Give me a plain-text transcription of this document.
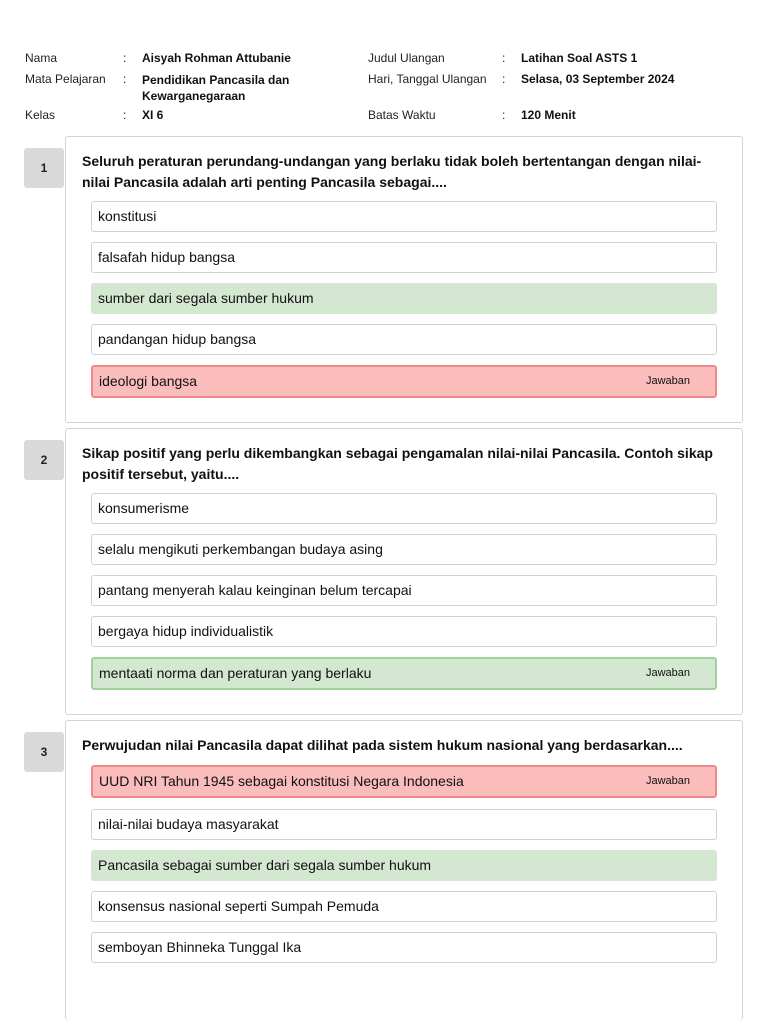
Nama	: Aisyah Rohman Attubanie
Mata Pelajaran : Pendidikan Pancasila dan Kewarganegaraan
Kelas	: XI 6
Judul Ulangan	: Latihan Soal ASTS 1
Hari, Tanggal Ulangan : Selasa, 03 September 2024
Batas Waktu	: 120 Menit
1	Seluruh peraturan perundang-undangan yang berlaku tidak boleh bertentangan dengan nilai-nilai Pancasila adalah arti penting Pancasila sebagai....
konstitusi
falsafah hidup bangsa
sumber dari segala sumber hukum
pandangan hidup bangsa
ideologi bangsa	Jawaban
2	Sikap positif yang perlu dikembangkan sebagai pengamalan nilai-nilai Pancasila. Contoh sikap positif tersebut, yaitu....
konsumerisme
selalu mengikuti perkembangan budaya asing
pantang menyerah kalau keinginan belum tercapai
bergaya hidup individualistik
mentaati norma dan peraturan yang berlaku	Jawaban
3	Perwujudan nilai Pancasila dapat dilihat pada sistem hukum nasional yang berdasarkan....
UUD NRI Tahun 1945 sebagai konstitusi Negara Indonesia	Jawaban
nilai-nilai budaya masyarakat
Pancasila sebagai sumber dari segala sumber hukum
konsensus nasional seperti Sumpah Pemuda
semboyan Bhinneka Tunggal Ika
